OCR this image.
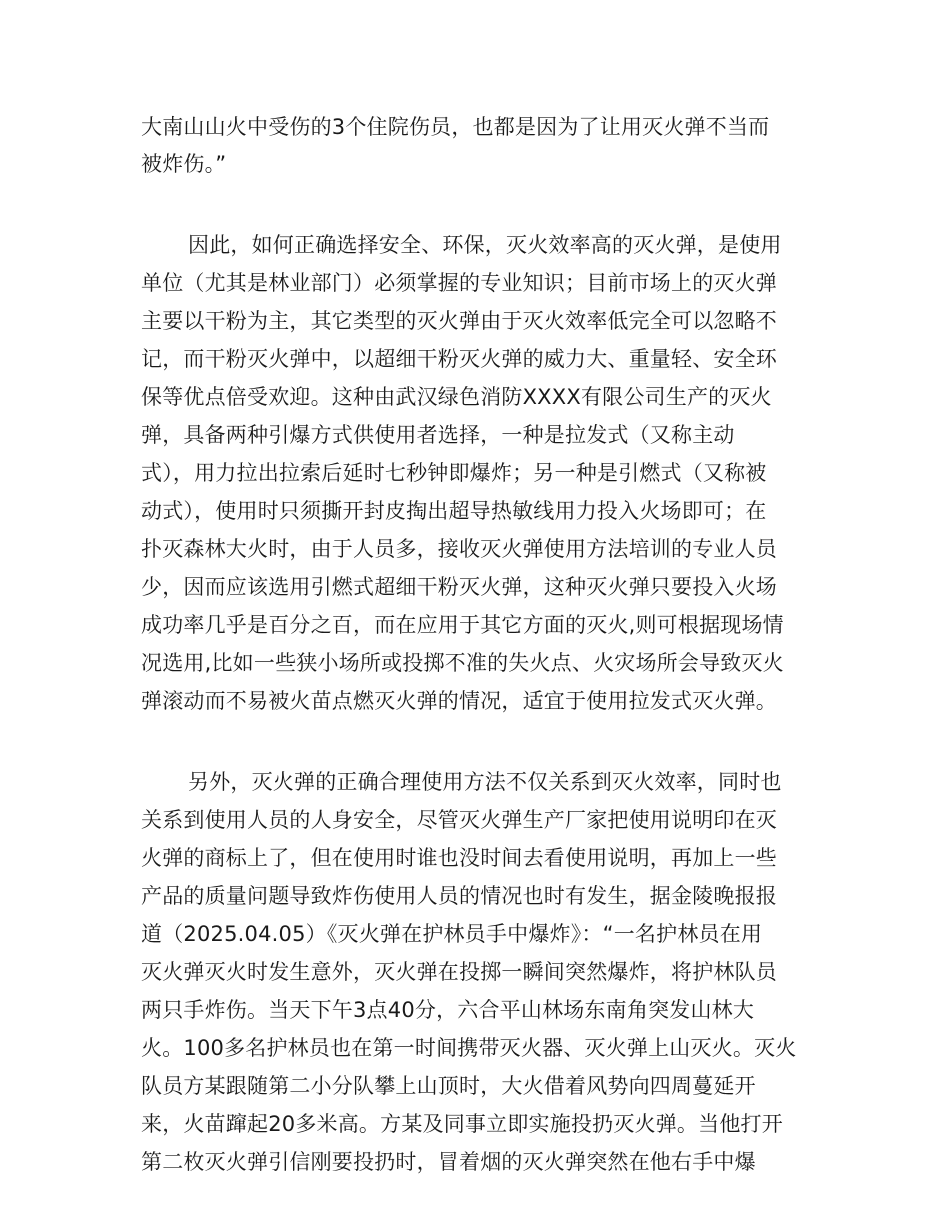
大南山山火中受伤的3个住院伤员，也都是因为了让用灭火弹不当而
被炸伤。”
因此，如何正确选择安全、环保，灭火效率高的灭火弹，是使用
单位（尤其是林业部门）必须掌握的专业知识；目前市场上的灭火弹
主要以干粉为主，其它类型的灭火弹由于灭火效率低完全可以忽略不
记，而干粉灭火弹中，以超细干粉灭火弹的威力大、重量轻、安全环
保等优点倍受欢迎。这种由武汉绿色消防XXXX有限公司生产的灭火
弹，具备两种引爆方式供使用者选择，一种是拉发式（又称主动
式），用力拉出拉索后延时七秒钟即爆炸；另一种是引燃式（又称被
动式），使用时只须撕开封皮掏出超导热敏线用力投入火场即可；在
扑灭森林大火时，由于人员多，接收灭火弹使用方法培训的专业人员
少，因而应该选用引燃式超细干粉灭火弹，这种灭火弹只要投入火场
成功率几乎是百分之百，而在应用于其它方面的灭火,则可根据现场情
况选用,比如一些狭小场所或投掷不准的失火点、火灾场所会导致灭火
弹滚动而不易被火苗点燃灭火弹的情况，适宜于使用拉发式灭火弹。
另外，灭火弹的正确合理使用方法不仅关系到灭火效率，同时也
关系到使用人员的人身安全，尽管灭火弹生产厂家把使用说明印在灭
火弹的商标上了，但在使用时谁也没时间去看使用说明，再加上一些
产品的质量问题导致炸伤使用人员的情况也时有发生，据金陵晚报报
道（2025.04.05）《灭火弹在护林员手中爆炸》：“一名护林员在用
灭火弹灭火时发生意外，灭火弹在投掷一瞬间突然爆炸，将护林队员
两只手炸伤。当天下午3点40分，六合平山林场东南角突发山林大
火。100多名护林员也在第一时间携带灭火器、灭火弹上山灭火。灭火
队员方某跟随第二小分队攀上山顶时，大火借着风势向四周蔓延开
来，火苗蹿起20多米高。方某及同事立即实施投扔灭火弹。当他打开
第二枚灭火弹引信刚要投扔时，冒着烟的灭火弹突然在他右手中爆
